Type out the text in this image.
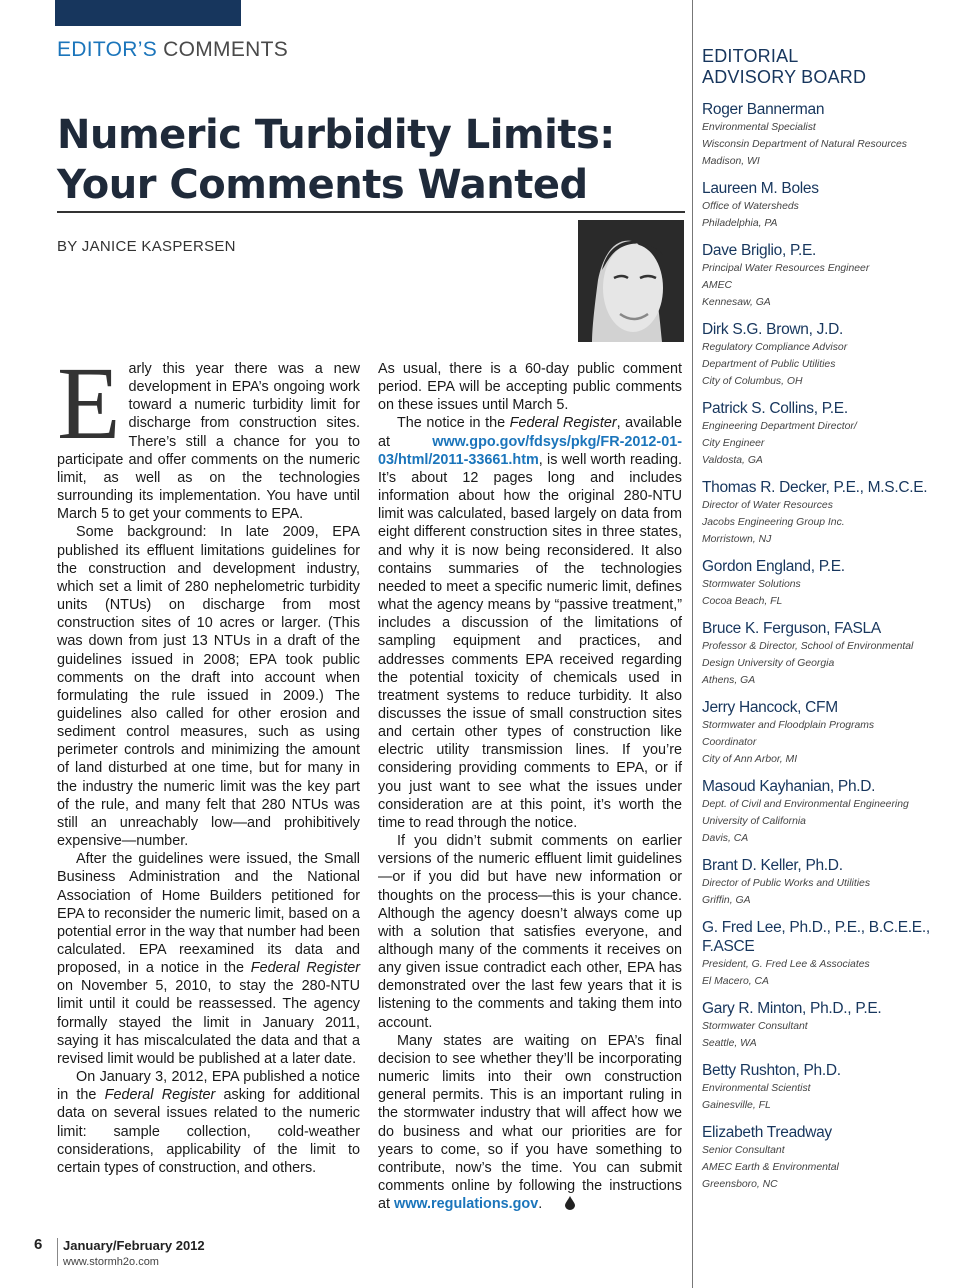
EDITOR’S COMMENTS
Numeric Turbidity Limits:
Your Comments Wanted
BY JANICE KASPERSEN

Early this year there was a new development in EPA’s ongoing work toward a numeric turbidity limit for discharge from construction sites. There’s still a chance for you to participate and offer comments on the numeric limit, as well as on the technologies surrounding its implementation. You have until March 5 to get your comments to EPA.

Some background: In late 2009, EPA published its effluent limitations guidelines for the construction and development industry, which set a limit of 280 nephelometric turbidity units (NTUs) on discharge from most construction sites of 10 acres or larger. (This was down from just 13 NTUs in a draft of the guidelines issued in 2008; EPA took public comments on the draft into account when formulating the rule issued in 2009.) The guidelines also called for other erosion and sediment control measures, such as using perimeter controls and minimizing the amount of land disturbed at one time, but for many in the industry the numeric limit was the key part of the rule, and many felt that 280 NTUs was still an unreachably low—and prohibitively expensive—number.

After the guidelines were issued, the Small Business Administration and the National Association of Home Builders petitioned for EPA to reconsider the numeric limit, based on a potential error in the way that number had been calculated. EPA reexamined its data and proposed, in a notice in the Federal Register on November 5, 2010, to stay the 280-NTU limit until it could be reassessed. The agency formally stayed the limit in January 2011, saying it has miscalculated the data and that a revised limit would be published at a later date.

On January 3, 2012, EPA published a notice in the Federal Register asking for additional data on several issues related to the numeric limit: sample collection, cold-weather considerations, applicability of the limit to certain types of construction, and others.

As usual, there is a 60-day public comment period. EPA will be accepting public comments on these issues until March 5.

The notice in the Federal Register, available at	www.gpo.gov/fdsys/pkg/FR-2012-01-03/html/2011-33661.htm, is well worth reading. It’s about 12 pages long and includes information about how the original 280-NTU limit was calculated, based largely on data from eight different construction sites in three states, and why it is now being reconsidered. It also contains summaries of the technologies needed to meet a specific numeric limit, defines what the agency means by “passive treatment,” includes a discussion of the limitations of sampling equipment and practices, and addresses comments EPA received regarding the potential toxicity of chemicals used in treatment systems to reduce turbidity. It also discusses the issue of small construction sites and certain other types of construction like electric utility transmission lines. If you’re considering providing comments to EPA, or if you just want to see what the issues under consideration are at this point, it’s worth the time to read through the notice.

If you didn’t submit comments on earlier versions of the numeric effluent limit guidelines—or if you did but have new information or thoughts on the process—this is your chance. Although the agency doesn’t always come up with a solution that satisfies everyone, and although many of the comments it receives on any given issue contradict each other, EPA has demonstrated over the last few years that it is listening to the comments and taking them into account.

Many states are waiting on EPA’s final decision to see whether they’ll be incorporating numeric limits into their own construction general permits. This is an important ruling in the stormwater industry that will affect how we do business and what our priorities are for years to come, so if you have something to contribute, now’s the time. You can submit comments online by following the instructions at www.regulations.gov.

EDITORIAL
ADVISORY BOARD
Roger Bannerman
Environmental Specialist
Wisconsin Department of Natural Resources
Madison, WI
Laureen M. Boles
Office of Watersheds
Philadelphia, PA
Dave Briglio, P.E.
Principal Water Resources Engineer
AMEC
Kennesaw, GA
Dirk S.G. Brown, J.D.
Regulatory Compliance Advisor
Department of Public Utilities
City of Columbus, OH
Patrick S. Collins, P.E.
Engineering Department Director/
City Engineer
Valdosta, GA
Thomas R. Decker, P.E., M.S.C.E.
Director of Water Resources
Jacobs Engineering Group Inc.
Morristown, NJ
Gordon England, P.E.
Stormwater Solutions
Cocoa Beach, FL
Bruce K. Ferguson, FASLA
Professor & Director, School of Environmental
Design University of Georgia
Athens, GA
Jerry Hancock, CFM
Stormwater and Floodplain Programs
Coordinator
City of Ann Arbor, MI
Masoud Kayhanian, Ph.D.
Dept. of Civil and Environmental Engineering
University of California
Davis, CA
Brant D. Keller, Ph.D.
Director of Public Works and Utilities
Griffin, GA
G. Fred Lee, Ph.D., P.E., B.C.E.E., F.ASCE
President, G. Fred Lee & Associates
El Macero, CA
Gary R. Minton, Ph.D., P.E.
Stormwater Consultant
Seattle, WA
Betty Rushton, Ph.D.
Environmental Scientist
Gainesville, FL
Elizabeth Treadway
Senior Consultant
AMEC Earth & Environmental
Greensboro, NC
6 January/February 2012
www.stormh2o.com
